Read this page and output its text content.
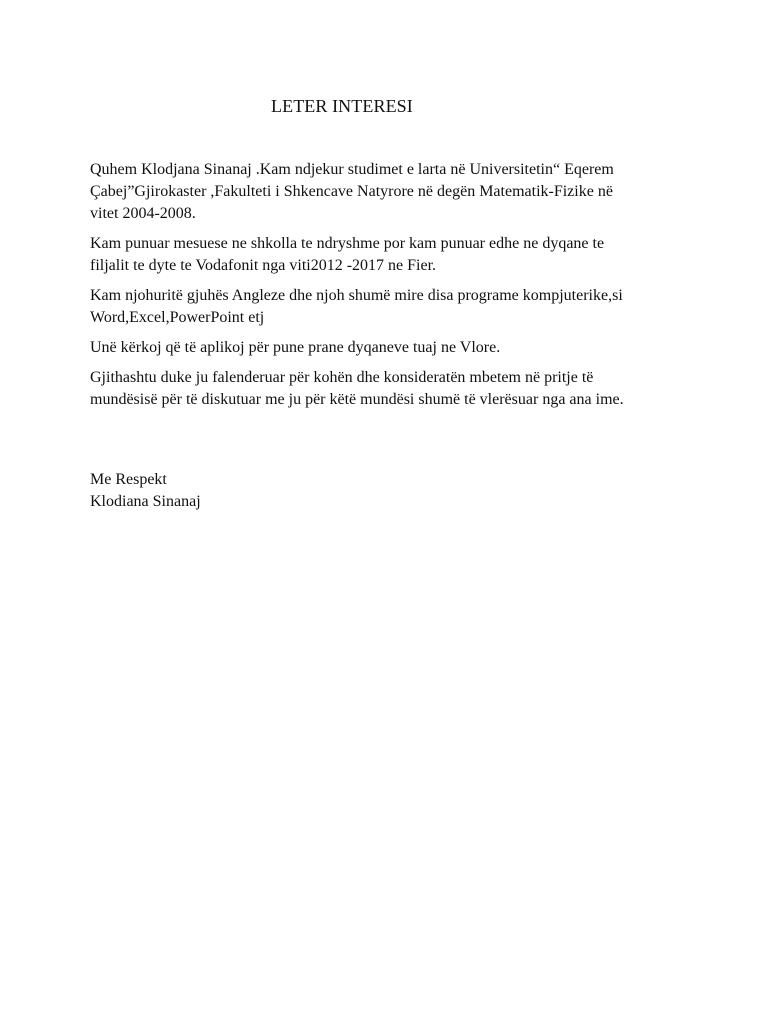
LETER INTERESI

Quhem Klodjana Sinanaj .Kam ndjekur studimet e larta në Universitetin“ Eqerem
Çabej”Gjirokaster ,Fakulteti i Shkencave Natyrore në degën Matematik-Fizike në
vitet 2004-2008.

Kam punuar mesuese ne shkolla te ndryshme por kam punuar edhe ne dyqane te
filjalit te dyte te Vodafonit nga viti2012 -2017 ne Fier.

Kam njohuritë gjuhës Angleze dhe njoh shumë mire disa programe kompjuterike,si
Word,Excel,PowerPoint etj

Unë kërkoj që të aplikoj për pune prane dyqaneve tuaj ne Vlore.

Gjithashtu duke ju falenderuar për kohën dhe konsideratën mbetem në pritje të
mundësisë për të diskutuar me ju për këtë mundësi shumë të vlerësuar nga ana ime.

Me Respekt
Klodiana Sinanaj
